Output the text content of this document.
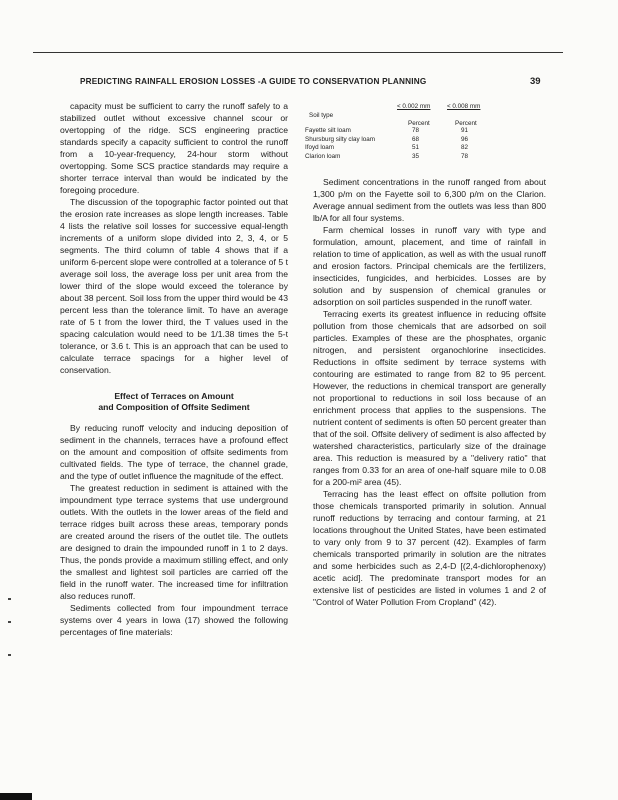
PREDICTING RAINFALL EROSION LOSSES -A GUIDE TO CONSERVATION PLANNING	39

capacity must be sufficient to carry the runoff safely to a stabilized outlet without excessive channel scour or overtopping of the ridge. SCS engineering practice standards specify a capacity sufficient to control the runoff from a 10-year-frequency, 24-hour storm without overtopping. Some SCS practice standards may require a shorter terrace interval than would be indicated by the foregoing procedure.

The discussion of the topographic factor pointed out that the erosion rate increases as slope length increases. Table 4 lists the relative soil losses for successive equal-length increments of a uniform slope divided into 2, 3, 4, or 5 segments. The third column of table 4 shows that if a uniform 6-percent slope were controlled at a tolerance of 5 t average soil loss, the average loss per unit area from the lower third of the slope would exceed the tolerance by about 38 percent. Soil loss from the upper third would be 43 percent less than the tolerance limit. To have an average rate of 5 t from the lower third, the T values used in the spacing calculation would need to be 1/1.38 times the 5-t tolerance, or 3.6 t. This is an approach that can be used to calculate terrace spacings for a higher level of conservation.

Effect of Terraces on Amount
and Composition of Offsite Sediment

By reducing runoff velocity and inducing deposition of sediment in the channels, terraces have a profound effect on the amount and composition of offsite sediments from cultivated fields. The type of terrace, the channel grade, and the type of outlet influence the magnitude of the effect.

The greatest reduction in sediment is attained with the impoundment type terrace systems that use underground outlets. With the outlets in the lower areas of the field and terrace ridges built across these areas, temporary ponds are created around the risers of the outlet tile. The outlets are designed to drain the impounded runoff in 1 to 2 days. Thus, the ponds provide a maximum stilling effect, and only the smallest and lightest soil particles are carried off the field in the runoff water. The increased time for infiltration also reduces runoff.

Sediments collected from four impoundment terrace systems over 4 years in Iowa (17) showed the following percentages of fine materials:

< 0.002 mm	< 0.008 mm
Soil type
Percent	Percent
Fayette silt loam	78	91
Shursburg silty clay loam	68	96
Ifoyd loam	51	82
Clarion loam	35	78

Sediment concentrations in the runoff ranged from about 1,300 p/m on the Fayette soil to 6,300 p/m on the Clarion. Average annual sediment from the outlets was less than 800 lb/A for all four systems.

Farm chemical losses in runoff vary with type and formulation, amount, placement, and time of rainfall in relation to time of application, as well as with the usual runoff and erosion factors. Principal chemicals are the fertilizers, insecticides, fungicides, and herbicides. Losses are by solution and by suspension of chemical granules or adsorption on soil particles suspended in the runoff water.

Terracing exerts its greatest influence in reducing offsite pollution from those chemicals that are adsorbed on soil particles. Examples of these are the phosphates, organic nitrogen, and persistent organochlorine insecticides. Reductions in offsite sediment by terrace systems with contouring are estimated to range from 82 to 95 percent. However, the reductions in chemical transport are generally not proportional to reductions in soil loss because of an enrichment process that applies to the suspensions. The nutrient content of sediments is often 50 percent greater than that of the soil. Offsite delivery of sediment is also affected by watershed characteristics, particularly size of the drainage area. This reduction is measured by a "delivery ratio" that ranges from 0.33 for an area of one-half square mile to 0.08 for a 200-mi² area (45).

Terracing has the least effect on offsite pollution from those chemicals transported primarily in solution. Annual runoff reductions by terracing and contour farming, at 21 locations throughout the United States, have been estimated to vary only from 9 to 37 percent (42). Examples of farm chemicals transported primarily in solution are the nitrates and some herbicides such as 2,4-D [(2,4-dichlorophenoxy) acetic acid]. The predominate transport modes for an extensive list of pesticides are listed in volumes 1 and 2 of "Control of Water Pollution From Cropland" (42).
